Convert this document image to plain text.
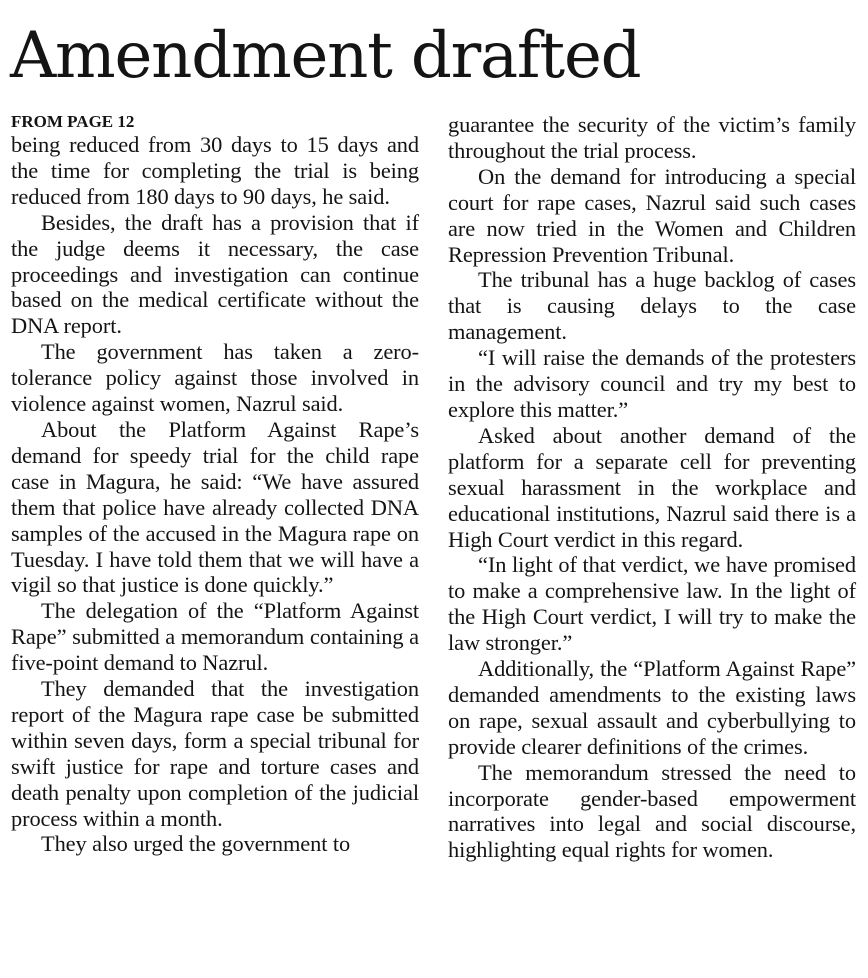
Amendment drafted
FROM PAGE 12

being reduced from 30 days to 15 days and the time for completing the trial is being reduced from 180 days to 90 days, he said.

Besides, the draft has a provision that if the judge deems it necessary, the case proceedings and investigation can continue based on the medical certificate without the DNA report.

The government has taken a zero-tolerance policy against those involved in violence against women, Nazrul said.

About the Platform Against Rape’s demand for speedy trial for the child rape case in Magura, he said: “We have assured them that police have already collected DNA samples of the accused in the Magura rape on Tuesday. I have told them that we will have a vigil so that justice is done quickly.”

The delegation of the “Platform Against Rape” submitted a memorandum containing a five-point demand to Nazrul.

They demanded that the investigation report of the Magura rape case be submitted within seven days, form a special tribunal for swift justice for rape and torture cases and death penalty upon completion of the judicial process within a month.

They also urged the government to

guarantee the security of the victim’s family throughout the trial process.

On the demand for introducing a special court for rape cases, Nazrul said such cases are now tried in the Women and Children Repression Prevention Tribunal.

The tribunal has a huge backlog of cases that is causing delays to the case management.

“I will raise the demands of the protesters in the advisory council and try my best to explore this matter.”

Asked about another demand of the platform for a separate cell for preventing sexual harassment in the workplace and educational institutions, Nazrul said there is a High Court verdict in this regard.

“In light of that verdict, we have promised to make a comprehensive law. In the light of the High Court verdict, I will try to make the law stronger.”

Additionally, the “Platform Against Rape” demanded amendments to the existing laws on rape, sexual assault and cyberbullying to provide clearer definitions of the crimes.

The memorandum stressed the need to incorporate gender-based empowerment narratives into legal and social discourse, highlighting equal rights for women.
